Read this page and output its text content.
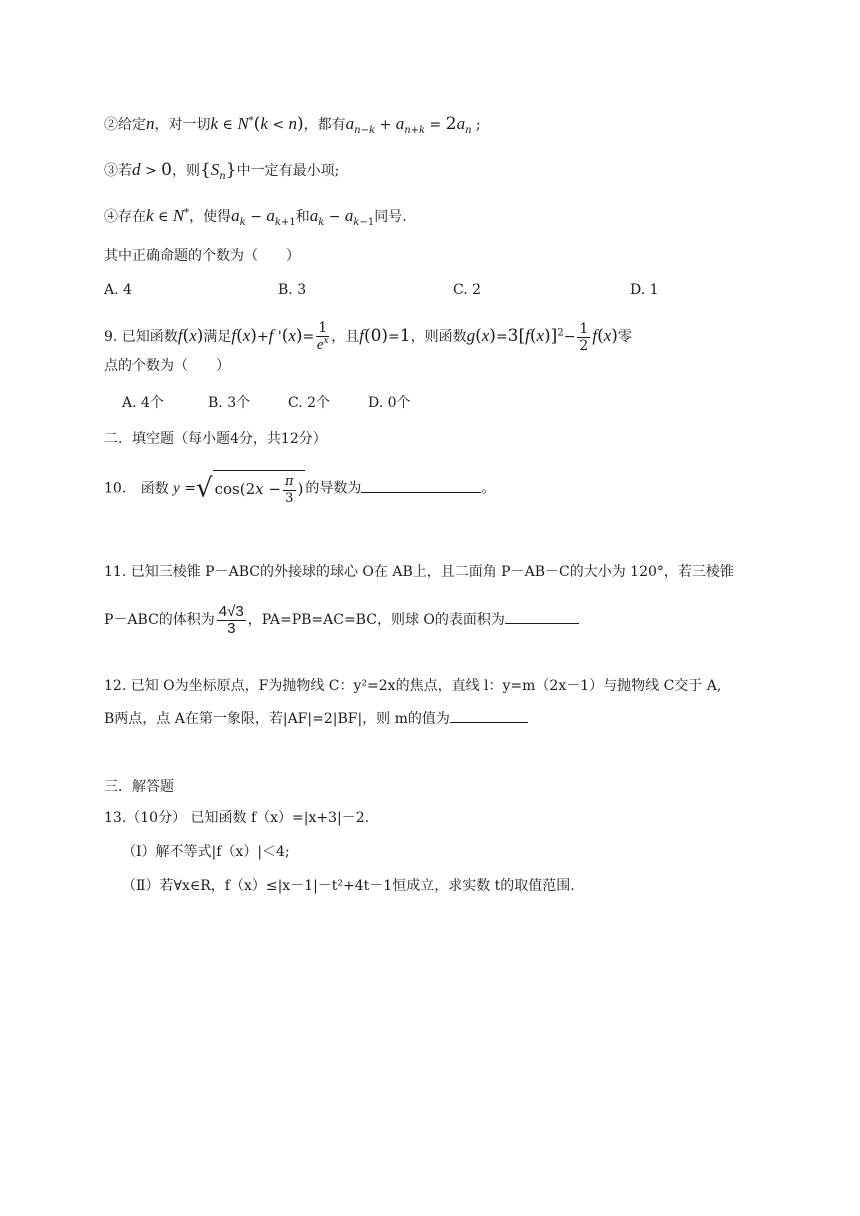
②给定n，对一切k ∈ N*(k < n)，都有$a_{n-k} + a_{n+k} = 2a_n$ ;
③若d > 0，则$\{S_n\}$中一定有最小项;
④存在k ∈ N*，使得$a_k - a_{k+1}$和$a_k - a_{k-1}$同号.
其中正确命题的个数为（　　）
A. 4	B. 3	C. 2	D. 1
9. 已知函数f(x)满足f(x)+f '$(x)= \frac{1}{e^x}$ ，且f(0)=1，则函数$g(x)=3[f(x)]^2- \frac{1}{2} f(x)$零
点的个数为（　　）
A. 4个	B. 3个	C. 2个	D. 0个
二．填空题（每小题4分，共12分）
10. 函数 y =√ $\cos(2x - \frac{\pi}{3}$ ) 的导数为	。
11. 已知三棱锥 P－ABC的外接球的球心 O在 AB上，且二面角 P－AB－C的大小为 120°，若三棱锥
P－ABC的体积为 $\frac{4√3}{3}$ ，PA=PB=AC=BC，则球 O的表面积为
12. 已知 O为坐标原点，F为抛物线 C：y²=2x的焦点，直线 l：y=m（2x－1）与抛物线 C交于 A,
B两点，点 A在第一象限，若|AF|=2|BF|，则 m的值为
三．解答题
13.（10分） 已知函数 f（x）=|x+3|－2.
（Ⅰ）解不等式|f（x）|＜4;
（Ⅱ）若∀x∈R，f（x）≤|x－1|－t²+4t－1恒成立，求实数 t的取值范围.
